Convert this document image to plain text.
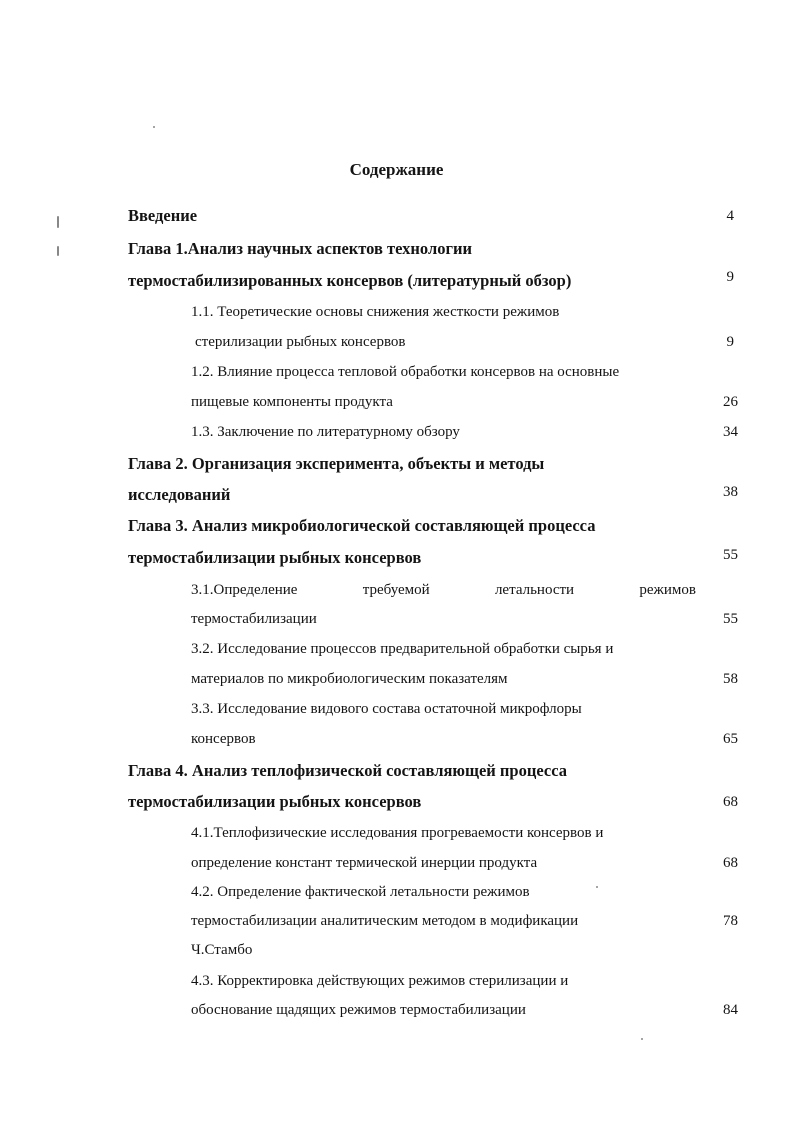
Содержание
Введение	4
Глава 1.Анализ научных аспектов технологии
термостабилизированных консервов (литературный обзор)	9
1.1. Теоретические основы снижения жесткости режимов
стерилизации рыбных консервов	9
1.2. Влияние процесса тепловой обработки консервов на основные
пищевые компоненты продукта	26
1.3. Заключение по литературному обзору	34
Глава 2. Организация эксперимента, объекты и методы
исследований	38
Глава 3. Анализ микробиологической составляющей процесса
термостабилизации рыбных консервов	55
3.1.Определение	требуемой	летальности	режимов
термостабилизации	55
3.2. Исследование процессов предварительной обработки сырья и
материалов по микробиологическим показателям	58
3.3. Исследование видового состава остаточной микрофлоры
консервов	65
Глава 4. Анализ теплофизической составляющей процесса
термостабилизации рыбных консервов	68
4.1.Теплофизические исследования прогреваемости консервов и
определение констант термической инерции продукта	68
4.2. Определение фактической летальности режимов
термостабилизации аналитическим методом в модификации	78
Ч.Стамбо
4.3. Корректировка действующих режимов стерилизации и
обоснование щадящих режимов термостабилизации	84
